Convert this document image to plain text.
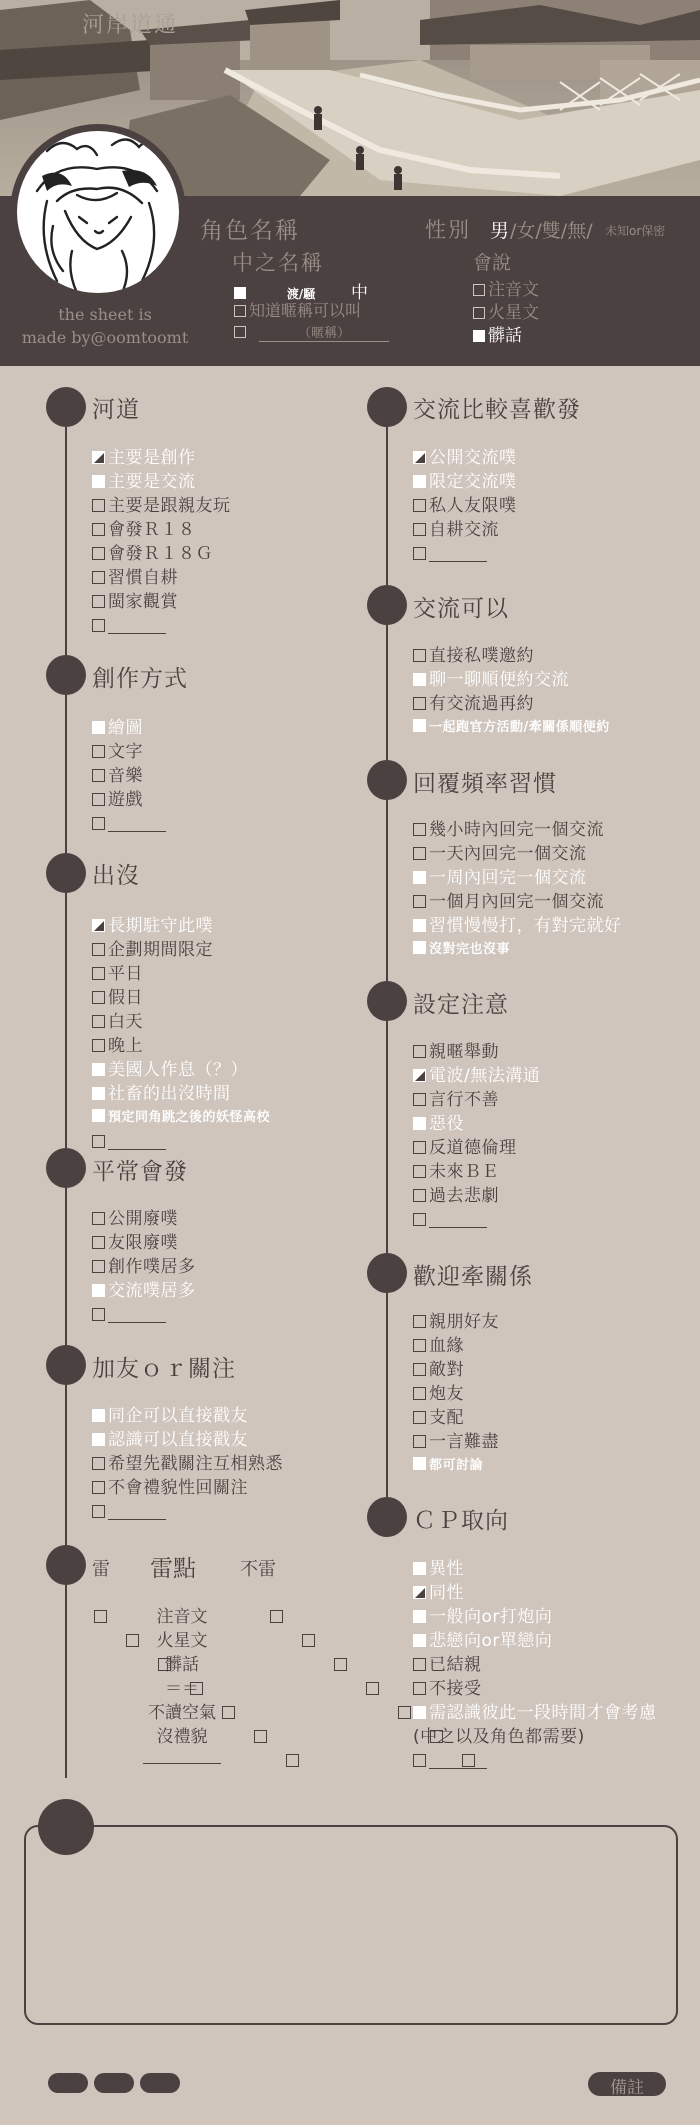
河岸道通
角色名稱	性別 男 /女/雙/無/ 未知or保密
中之名稱
渡/騒 中
知道暱稱可以叫
（暱稱）
會說
注音文
火星文
髒話
the sheet is
made by@oomtoomt
河道
主要是創作
主要是交流
主要是跟親友玩
會發Ｒ１８
會發Ｒ１８Ｇ
習慣自耕
閩家觀賞
創作方式
繪圖
文字
音樂
遊戲
出沒
長期駐守此噗
企劃期間限定
平日
假日
白天
晚上
美國人作息（？）
社畜的出沒時間
預定同角跳之後的妖怪高校
平常會發
公開廢噗
友限廢噗
創作噗居多
交流噗居多
加友ｏｒ關注
同企可以直接戳友
認識可以直接戳友
希望先戳關注互相熟悉
不會禮貌性回關注
雷 雷點 不雷
注音文
火星文
髒話
＝＝
不讀空氣
沒禮貌
交流比較喜歡發
公開交流噗
限定交流噗
私人友限噗
自耕交流
交流可以
直接私噗邀約
聊一聊順便約交流
有交流過再約
一起跑官方活動/牽關係順便約
回覆頻率習慣
幾小時內回完一個交流
一天內回完一個交流
一周內回完一個交流
一個月內回完一個交流
習慣慢慢打，有對完就好
沒對完也沒事
設定注意
親暱舉動
電波/無法溝通
言行不善
惡役
反道德倫理
未來ＢＥ
過去悲劇
歡迎牽關係
親朋好友
血緣
敵對
炮友
支配
一言難盡
都可討論
ＣＰ取向
異性
同性
一般向or打炮向
悲戀向or單戀向
已結親
不接受
需認識彼此一段時間才會考慮
(中之以及角色都需要)
備註
